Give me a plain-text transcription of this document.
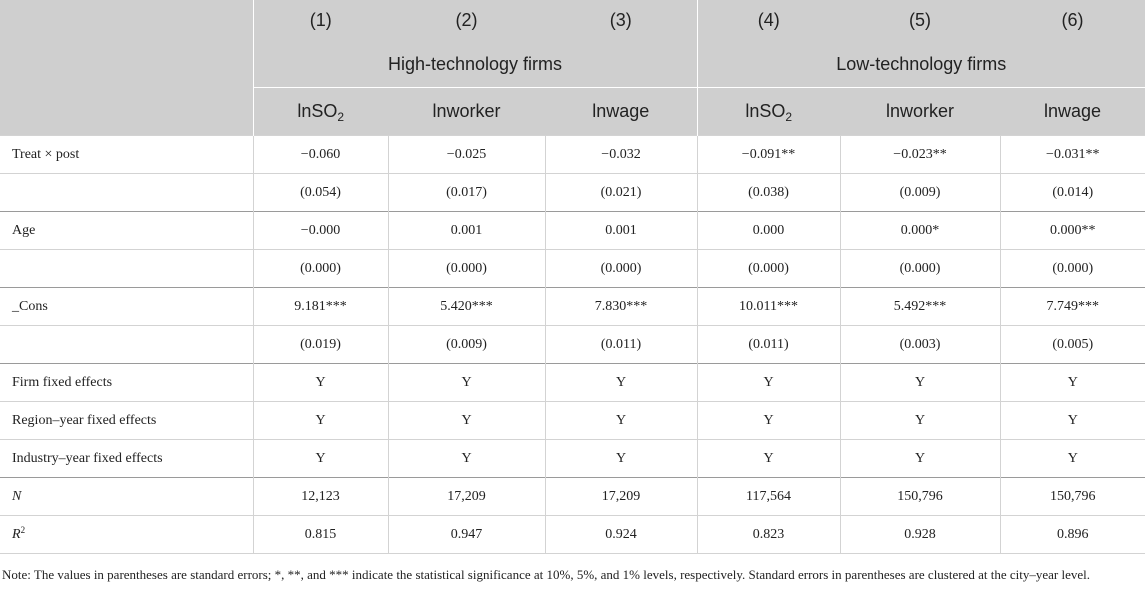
	(1)	(2)	(3)	(4)	(5)	(6)
	High-technology firms			Low-technology firms		
	lnSO$_2$	lnworker	lnwage	lnSO$_2$	lnworker	lnwage
Treat × post	−0.060	−0.025	−0.032	−0.091**	−0.023**	−0.031**
	(0.054)	(0.017)	(0.021)	(0.038)	(0.009)	(0.014)
Age	−0.000	0.001	0.001	0.000	0.000*	0.000**
	(0.000)	(0.000)	(0.000)	(0.000)	(0.000)	(0.000)
_Cons	9.181***	5.420***	7.830***	10.011***	5.492***	7.749***
	(0.019)	(0.009)	(0.011)	(0.011)	(0.003)	(0.005)
Firm fixed effects	Y	Y	Y	Y	Y	Y
Region–year fixed effects	Y	Y	Y	Y	Y	Y
Industry–year fixed effects	Y	Y	Y	Y	Y	Y
N	12,123	17,209	17,209	117,564	150,796	150,796
$R^2$	0.815	0.947	0.924	0.823	0.928	0.896

Note: The values in parentheses are standard errors; *, **, and *** indicate the statistical significance at 10%, 5%, and 1% levels, respectively. Standard errors in parentheses are clustered at the city–year level.
